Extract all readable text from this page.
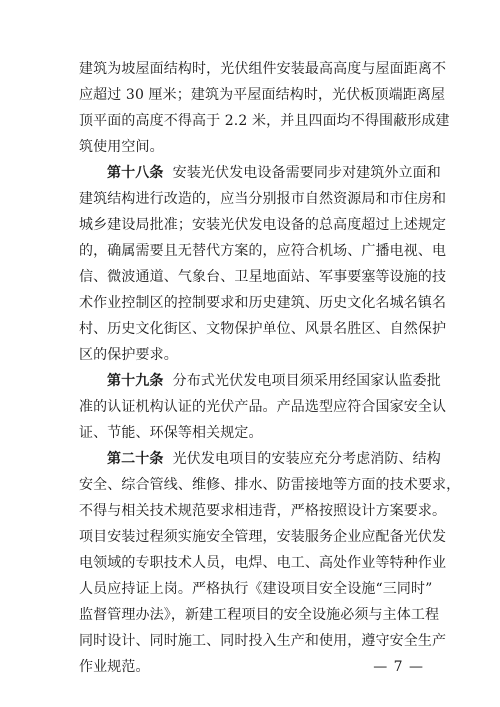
建筑为坡屋面结构时，光伏组件安装最高高度与屋面距离不
应超过 30 厘米；建筑为平屋面结构时，光伏板顶端距离屋
顶平面的高度不得高于 2.2 米，并且四面均不得围蔽形成建
筑使用空间。
第十八条  安装光伏发电设备需要同步对建筑外立面和
建筑结构进行改造的，应当分别报市自然资源局和市住房和
城乡建设局批准；安装光伏发电设备的总高度超过上述规定
的，确属需要且无替代方案的，应符合机场、广播电视、电
信、微波通道、气象台、卫星地面站、军事要塞等设施的技
术作业控制区的控制要求和历史建筑、历史文化名城名镇名
村、历史文化街区、文物保护单位、风景名胜区、自然保护
区的保护要求。
第十九条  分布式光伏发电项目须采用经国家认监委批
准的认证机构认证的光伏产品。产品选型应符合国家安全认
证、节能、环保等相关规定。
第二十条  光伏发电项目的安装应充分考虑消防、结构
安全、综合管线、维修、排水、防雷接地等方面的技术要求，
不得与相关技术规范要求相违背，严格按照设计方案要求。
项目安装过程须实施安全管理，安装服务企业应配备光伏发
电领域的专职技术人员，电焊、电工、高处作业等特种作业
人员应持证上岗。严格执行《建设项目安全设施“三同时”
监督管理办法》，新建工程项目的安全设施必须与主体工程
同时设计、同时施工、同时投入生产和使用，遵守安全生产
作业规范。	— 7 —
